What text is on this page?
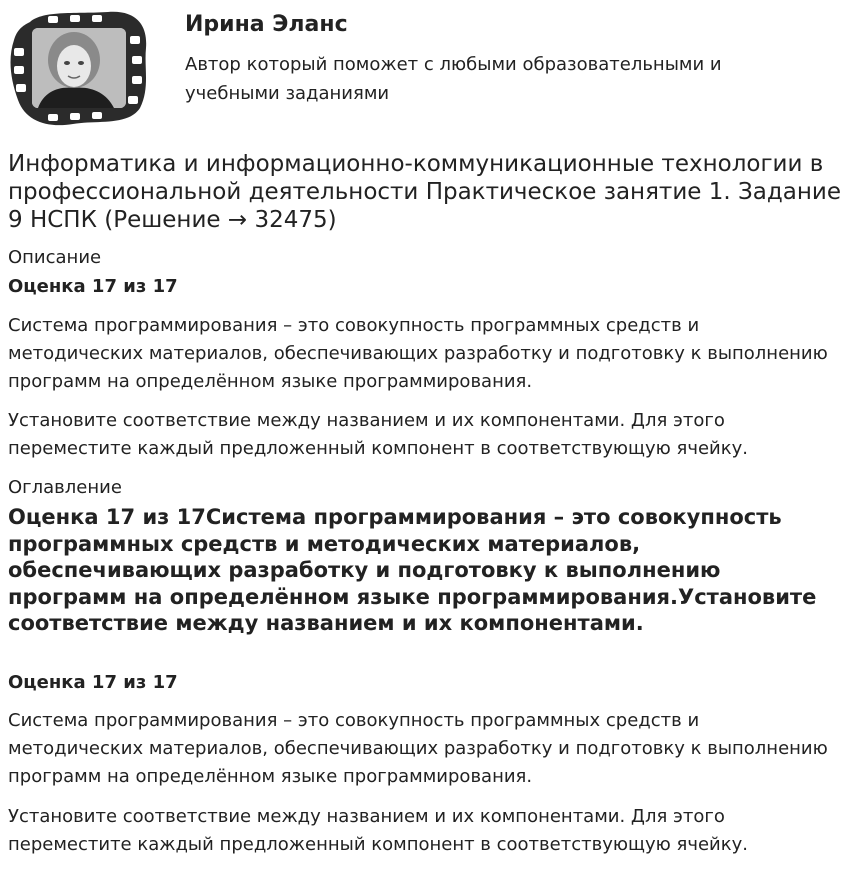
Ирина Эланс
Автор который поможет с любыми образовательными и учебными заданиями
Информатика и информационно-коммуникационные технологии в профессиональной деятельности Практическое занятие 1. Задание 9 НСПК (Решение → 32475)
Описание
Оценка 17 из 17

Система программирования – это совокупность программных средств и методических материалов, обеспечивающих разработку и подготовку к выполнению программ на определённом языке программирования.

Установите соответствие между названием и их компонентами. Для этого переместите каждый предложенный компонент в соответствующую ячейку.

Оглавление
Оценка 17 из 17Система программирования – это совокупность программных средств и методических материалов, обеспечивающих разработку и подготовку к выполнению программ на определённом языке программирования.Установите соответствие между названием и их компонентами.
Оценка 17 из 17

Система программирования – это совокупность программных средств и методических материалов, обеспечивающих разработку и подготовку к выполнению программ на определённом языке программирования.

Установите соответствие между названием и их компонентами. Для этого переместите каждый предложенный компонент в соответствующую ячейку.
